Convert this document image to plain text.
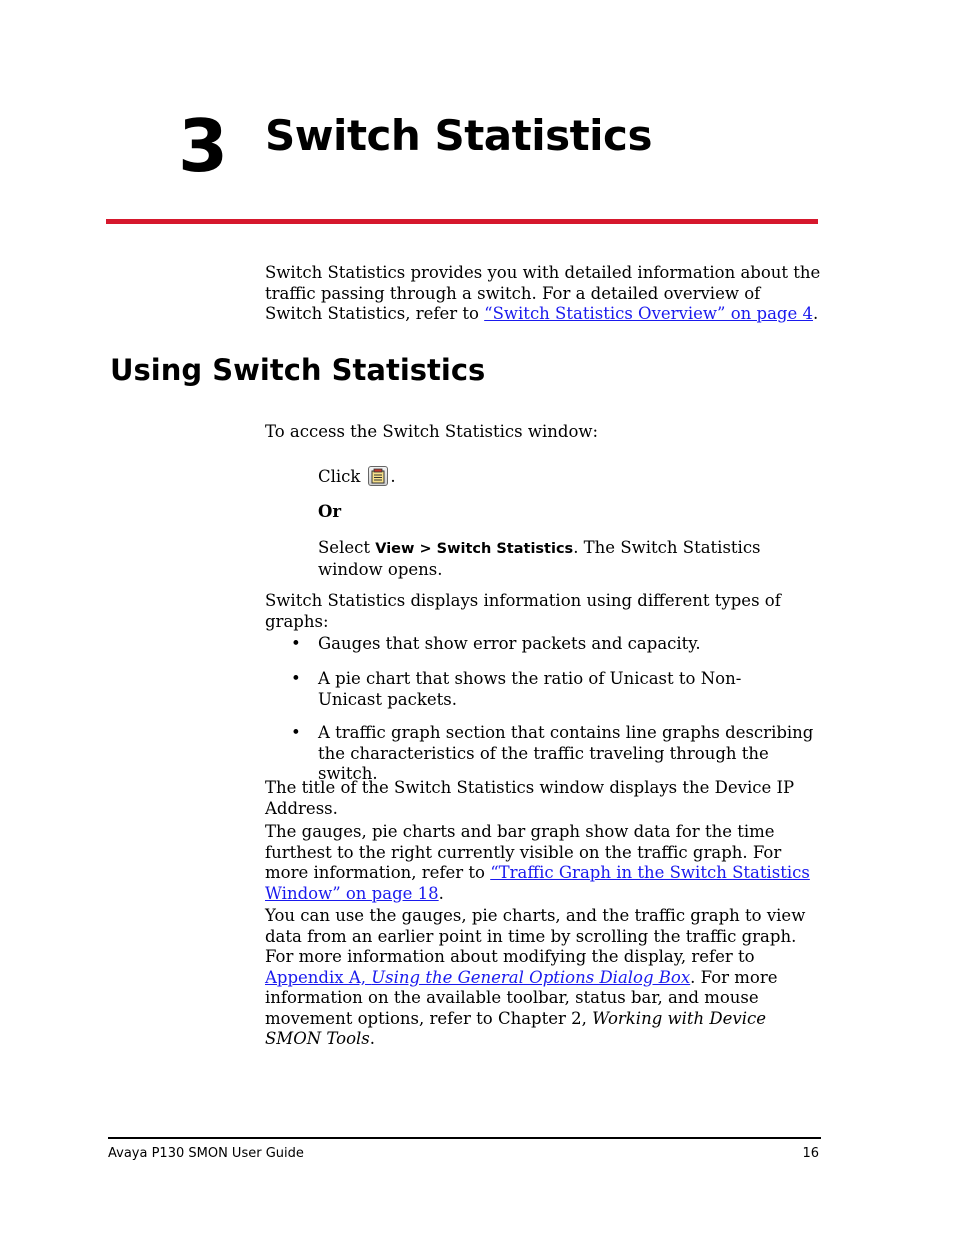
3 Switch Statistics
Switch Statistics provides you with detailed information about the traffic passing through a switch. For a detailed overview of Switch Statistics, refer to “Switch Statistics Overview” on page 4.
Using Switch Statistics
To access the Switch Statistics window:
Click .
Or
Select View > Switch Statistics. The Switch Statistics window opens.
Switch Statistics displays information using different types of graphs:
• Gauges that show error packets and capacity.
• A pie chart that shows the ratio of Unicast to Non-Unicast packets.
• A traffic graph section that contains line graphs describing the characteristics of the traffic traveling through the switch.
The title of the Switch Statistics window displays the Device IP Address.
The gauges, pie charts and bar graph show data for the time furthest to the right currently visible on the traffic graph. For more information, refer to “Traffic Graph in the Switch Statistics Window” on page 18.
You can use the gauges, pie charts, and the traffic graph to view data from an earlier point in time by scrolling the traffic graph. For more information about modifying the display, refer to Appendix A, Using the General Options Dialog Box. For more information on the available toolbar, status bar, and mouse movement options, refer to Chapter 2, Working with Device SMON Tools.
Avaya P130 SMON User Guide	16
